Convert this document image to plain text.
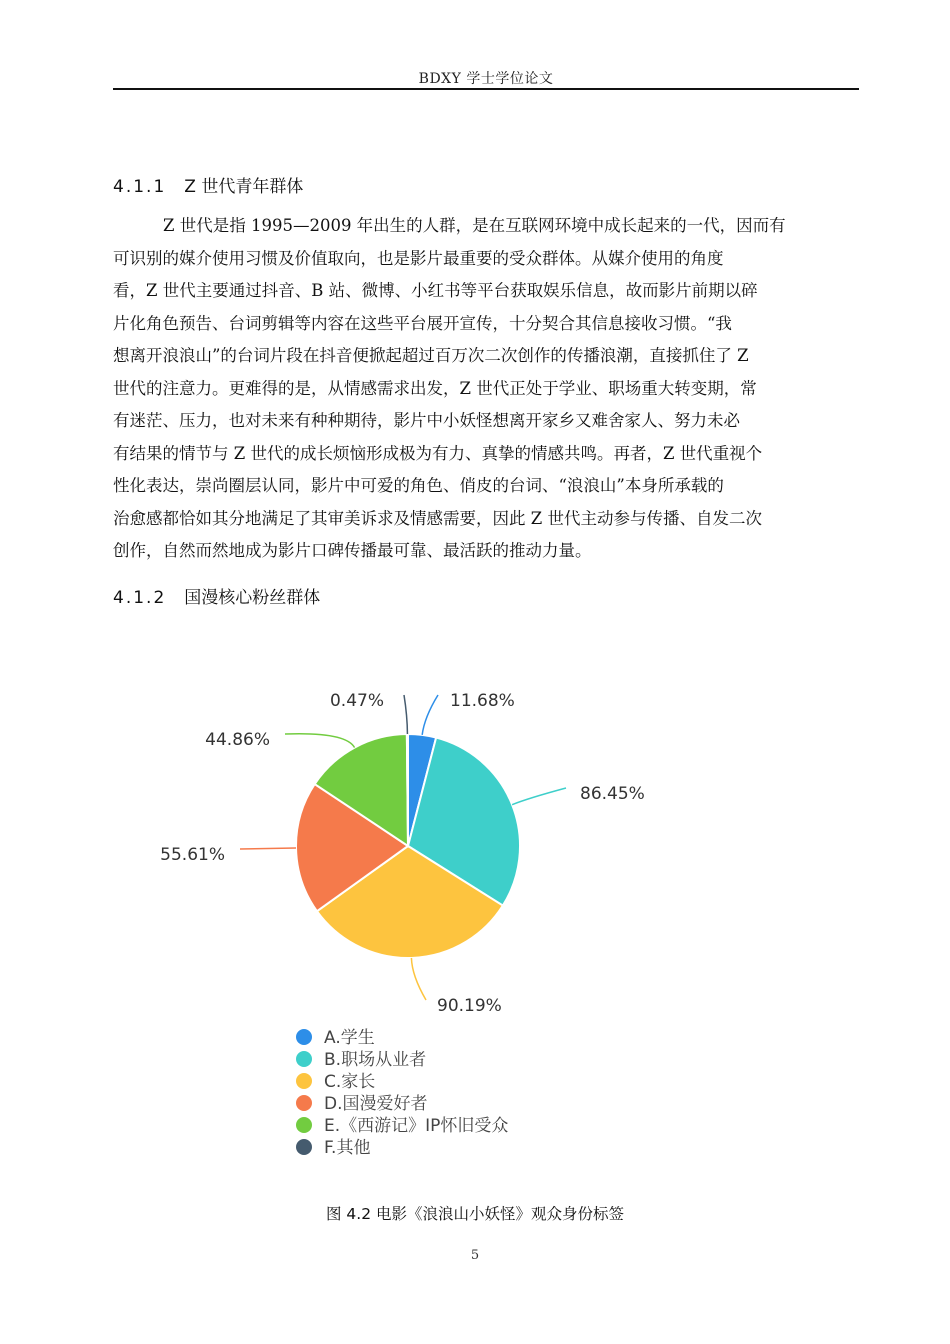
BDXY 学士学位论文
4.1.1 Z 世代青年群体
Z 世代是指 1995—2009 年出生的人群，是在互联网环境中成长起来的一代，因而有
可识别的媒介使用习惯及价值取向，也是影片最重要的受众群体。从媒介使用的角度
看，Z 世代主要通过抖音、B 站、微博、小红书等平台获取娱乐信息，故而影片前期以碎
片化角色预告、台词剪辑等内容在这些平台展开宣传，十分契合其信息接收习惯。“我
想离开浪浪山”的台词片段在抖音便掀起超过百万次二次创作的传播浪潮，直接抓住了 Z
世代的注意力。更难得的是，从情感需求出发，Z 世代正处于学业、职场重大转变期，常
有迷茫、压力，也对未来有种种期待，影片中小妖怪想离开家乡又难舍家人、努力未必
有结果的情节与 Z 世代的成长烦恼形成极为有力、真挚的情感共鸣。再者，Z 世代重视个
性化表达，崇尚圈层认同，影片中可爱的角色、俏皮的台词、“浪浪山”本身所承载的
治愈感都恰如其分地满足了其审美诉求及情感需要，因此 Z 世代主动参与传播、自发二次
创作，自然而然地成为影片口碑传播最可靠、最活跃的推动力量。
4.1.2 国漫核心粉丝群体
11.68%
86.45%
90.19%
55.61%
44.86%
0.47%
A.学生
B.职场从业者
C.家长
D.国漫爱好者
E.《西游记》IP怀旧受众
F.其他
图 4.2 电影《浪浪山小妖怪》观众身份标签
5
